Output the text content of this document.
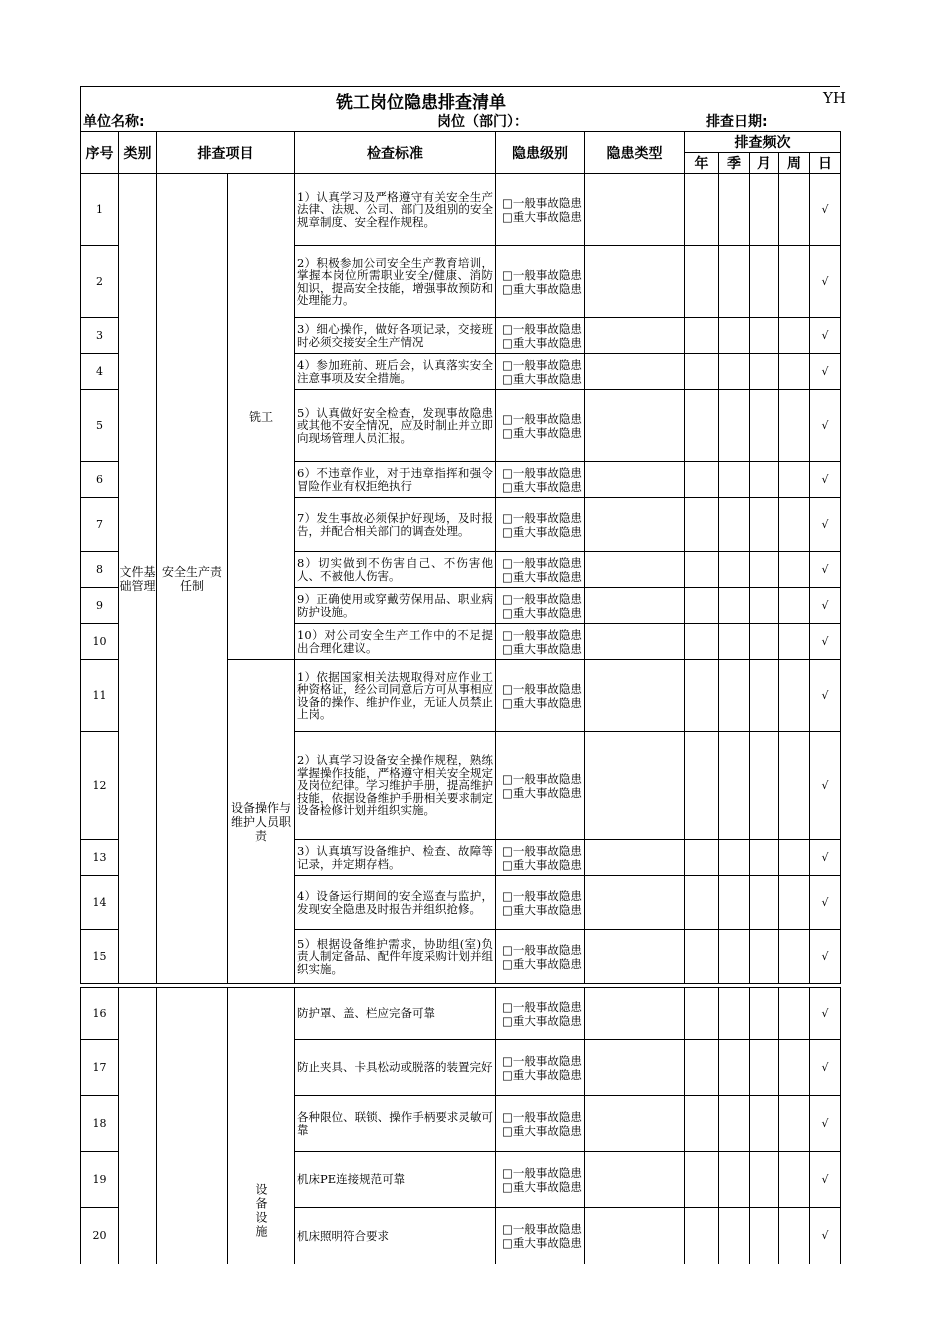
铣工岗位隐患排查清单	YH
单位名称:	岗位（部门）：	排查日期:
序号	类别	排查项目		检查标准	隐患级别	隐患类型	排查频次				
							年	季	月	周	日
1	文件基础管理	安全生产责任制	铣工	1）认真学习及严格遵守有关安全生产法律、法规、公司、部门及组别的安全规章制度、安全程作规程。	□一般事故隐患
□重大事故隐患						√
2				2）积极参加公司安全生产教育培训，掌握本岗位所需职业安全/健康、消防知识，提高安全技能，增强事故预防和处理能力。	□一般事故隐患
□重大事故隐患						√
3				3）细心操作，做好各项记录，交接班时必须交接安全生产情况	□一般事故隐患
□重大事故隐患						√
4				4）参加班前、班后会，认真落实安全注意事项及安全措施。	□一般事故隐患
□重大事故隐患						√
5				5）认真做好安全检查，发现事故隐患或其他不安全情况，应及时制止并立即向现场管理人员汇报。	□一般事故隐患
□重大事故隐患						√
6				6）不违章作业，对于违章指挥和强令冒险作业有权拒绝执行	□一般事故隐患
□重大事故隐患						√
7				7）发生事故必须保护好现场，及时报告，并配合相关部门的调查处理。	□一般事故隐患
□重大事故隐患						√
8				8）切实做到不伤害自己、不伤害他人、不被他人伤害。	□一般事故隐患
□重大事故隐患						√
9				9）正确使用或穿戴劳保用品、职业病防护设施。	□一般事故隐患
□重大事故隐患						√
10				10）对公司安全生产工作中的不足提出合理化建议。	□一般事故隐患
□重大事故隐患						√
11			设备操作与维护人员职责	1）依据国家相关法规取得对应作业工种资格证，经公司同意后方可从事相应设备的操作、维护作业，无证人员禁止上岗。	□一般事故隐患
□重大事故隐患						√
12				2）认真学习设备安全操作规程，熟练掌握操作技能，严格遵守相关安全规定及岗位纪律。学习维护手册，提高维护技能，依据设备维护手册相关要求制定设备检修计划并组织实施。	□一般事故隐患
□重大事故隐患						√
13				3）认真填写设备维护、检查、故障等记录，并定期存档。	□一般事故隐患
□重大事故隐患						√
14				4）设备运行期间的安全巡查与监护，发现安全隐患及时报告并组织抢修。	□一般事故隐患
□重大事故隐患						√
15				5）根据设备维护需求，协助组(室)负责人制定备品、配件年度采购计划并组织实施。	□一般事故隐患
□重大事故隐患						√

16			设备设施	防护罩、盖、栏应完备可靠	□一般事故隐患
□重大事故隐患						√
17				防止夹具、卡具松动或脱落的装置完好	□一般事故隐患
□重大事故隐患						√
18				各种限位、联锁、操作手柄要求灵敏可靠	□一般事故隐患
□重大事故隐患						√
19				机床PE连接规范可靠	□一般事故隐患
□重大事故隐患						√
20				机床照明符合要求	□一般事故隐患
□重大事故隐患						√
